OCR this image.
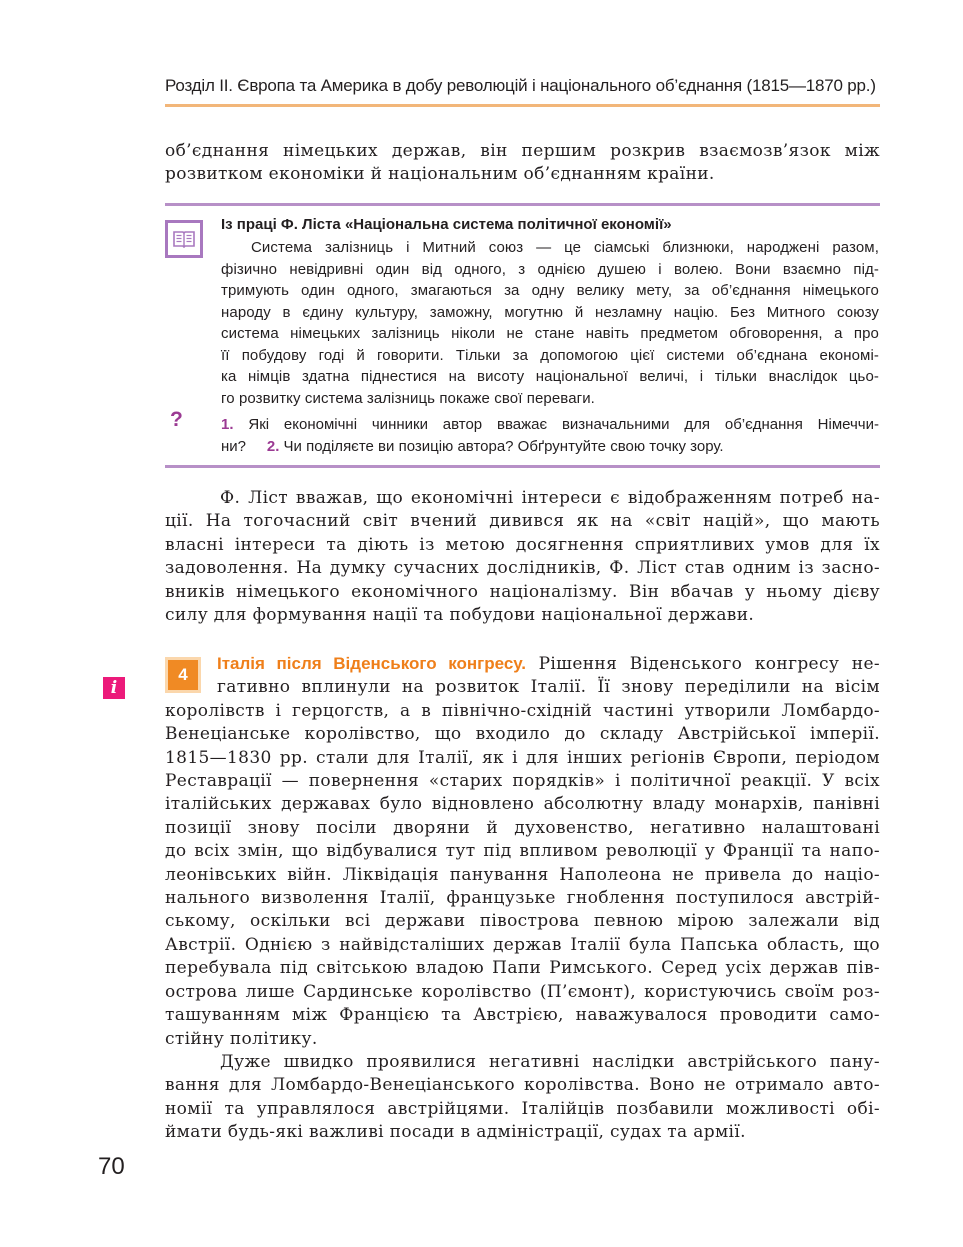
Розділ ІІ. Європа та Америка в добу революцій і національного об’єднання (1815—1870 рр.)
об’єднання німецьких держав, він першим розкрив взаємозв’язок між
розвитком економіки й національним об’єднанням країни.
Із праці Ф. Ліста «Національна система політичної економії»
Система залізниць і Митний союз — це сіамські близнюки, народжені разом,
фізично невідривні один від одного, з однією душею і волею. Вони взаємно під-
тримують один одного, змагаються за одну велику мету, за об’єднання німецького
народу в єдину культуру, заможну, могутню й незламну націю. Без Митного союзу
система німецьких залізниць ніколи не стане навіть предметом обговорення, а про
її побудову годі й говорити. Тільки за допомогою цієї системи об’єднана економі-
ка німців здатна піднестися на висоту національної величі, і тільки внаслідок цьо-
го розвитку система залізниць покаже свої переваги.
?	1. Які економічні чинники автор вважає визначальними для об’єднання Німеччи-
ни? 2. Чи поділяєте ви позицію автора? Обґрунтуйте свою точку зору.
Ф. Ліст вважав, що економічні інтереси є відображенням потреб на-
ції. На тогочасний світ вчений дивився як на «світ націй», що мають
власні інтереси та діють із метою досягнення сприятливих умов для їх
задоволення. На думку сучасних дослідників, Ф. Ліст став одним із засно-
вників німецького економічного націоналізму. Він вбачав у ньому дієву
силу для формування нації та побудови національної держави.
i
4
Італія після Віденського конгресу. Рішення Віденського конгресу не-
гативно вплинули на розвиток Італії. Її знову переділили на вісім
королівств і герцогств, а в північно-східній частині утворили Ломбардо-
Венеціанське королівство, що входило до складу Австрійської імперії.
1815—1830 рр. стали для Італії, як і для інших регіонів Європи, періодом
Реставрації — повернення «старих порядків» і політичної реакції. У всіх
італійських державах було відновлено абсолютну владу монархів, панівні
позиції знову посіли дворяни й духовенство, негативно налаштовані
до всіх змін, що відбувалися тут під впливом революції у Франції та напо-
леонівських війн. Ліквідація панування Наполеона не привела до націо-
нального визволення Італії, французьке гноблення поступилося австрій-
ському, оскільки всі держави півострова певною мірою залежали від
Австрії. Однією з найвідсталіших держав Італії була Папська область, що
перебувала під світською владою Папи Римського. Серед усіх держав пів-
острова лише Сардинське королівство (П’ємонт), користуючись своїм роз-
ташуванням між Францією та Австрією, наважувалося проводити само-
стійну політику.
Дуже швидко проявилися негативні наслідки австрійського пану-
вання для Ломбардо-Венеціанського королівства. Воно не отримало авто-
номії та управлялося австрійцями. Італійців позбавили можливості обі-
ймати будь-які важливі посади в адміністрації, судах та армії.
70
